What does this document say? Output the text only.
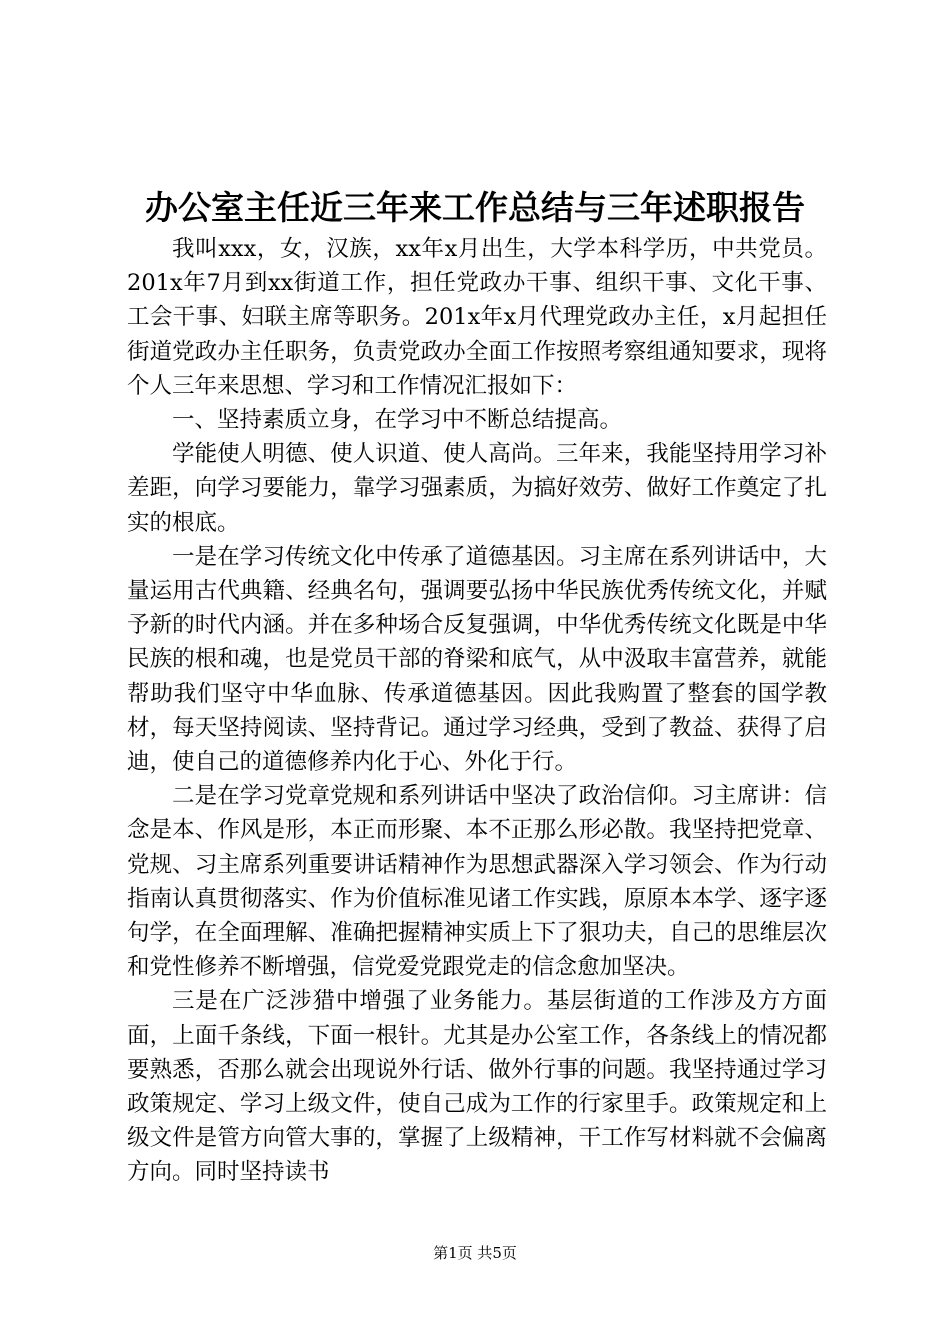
办公室主任近三年来工作总结与三年述职报告

我叫xxx，女，汉族，xx年x月出生，大学本科学历，中共党员。201x年7月到xx街道工作，担任党政办干事、组织干事、文化干事、工会干事、妇联主席等职务。201x年x月代理党政办主任，x月起担任街道党政办主任职务，负责党政办全面工作按照考察组通知要求，现将个人三年来思想、学习和工作情况汇报如下：

一、坚持素质立身，在学习中不断总结提高。

学能使人明德、使人识道、使人高尚。三年来，我能坚持用学习补差距，向学习要能力，靠学习强素质，为搞好效劳、做好工作奠定了扎实的根底。

一是在学习传统文化中传承了道德基因。习主席在系列讲话中，大量运用古代典籍、经典名句，强调要弘扬中华民族优秀传统文化，并赋予新的时代内涵。并在多种场合反复强调，中华优秀传统文化既是中华民族的根和魂，也是党员干部的脊梁和底气，从中汲取丰富营养，就能帮助我们坚守中华血脉、传承道德基因。因此我购置了整套的国学教材，每天坚持阅读、坚持背记。通过学习经典，受到了教益、获得了启迪，使自己的道德修养内化于心、外化于行。

二是在学习党章党规和系列讲话中坚决了政治信仰。习主席讲：信念是本、作风是形，本正而形聚、本不正那么形必散。我坚持把党章、党规、习主席系列重要讲话精神作为思想武器深入学习领会、作为行动指南认真贯彻落实、作为价值标准见诸工作实践，原原本本学、逐字逐句学，在全面理解、准确把握精神实质上下了狠功夫，自己的思维层次和党性修养不断增强，信党爱党跟党走的信念愈加坚决。

三是在广泛涉猎中增强了业务能力。基层街道的工作涉及方方面面，上面千条线，下面一根针。尤其是办公室工作，各条线上的情况都要熟悉，否那么就会出现说外行话、做外行事的问题。我坚持通过学习政策规定、学习上级文件，使自己成为工作的行家里手。政策规定和上级文件是管方向管大事的，掌握了上级精神，干工作写材料就不会偏离方向。同时坚持读书

第1页 共5页
